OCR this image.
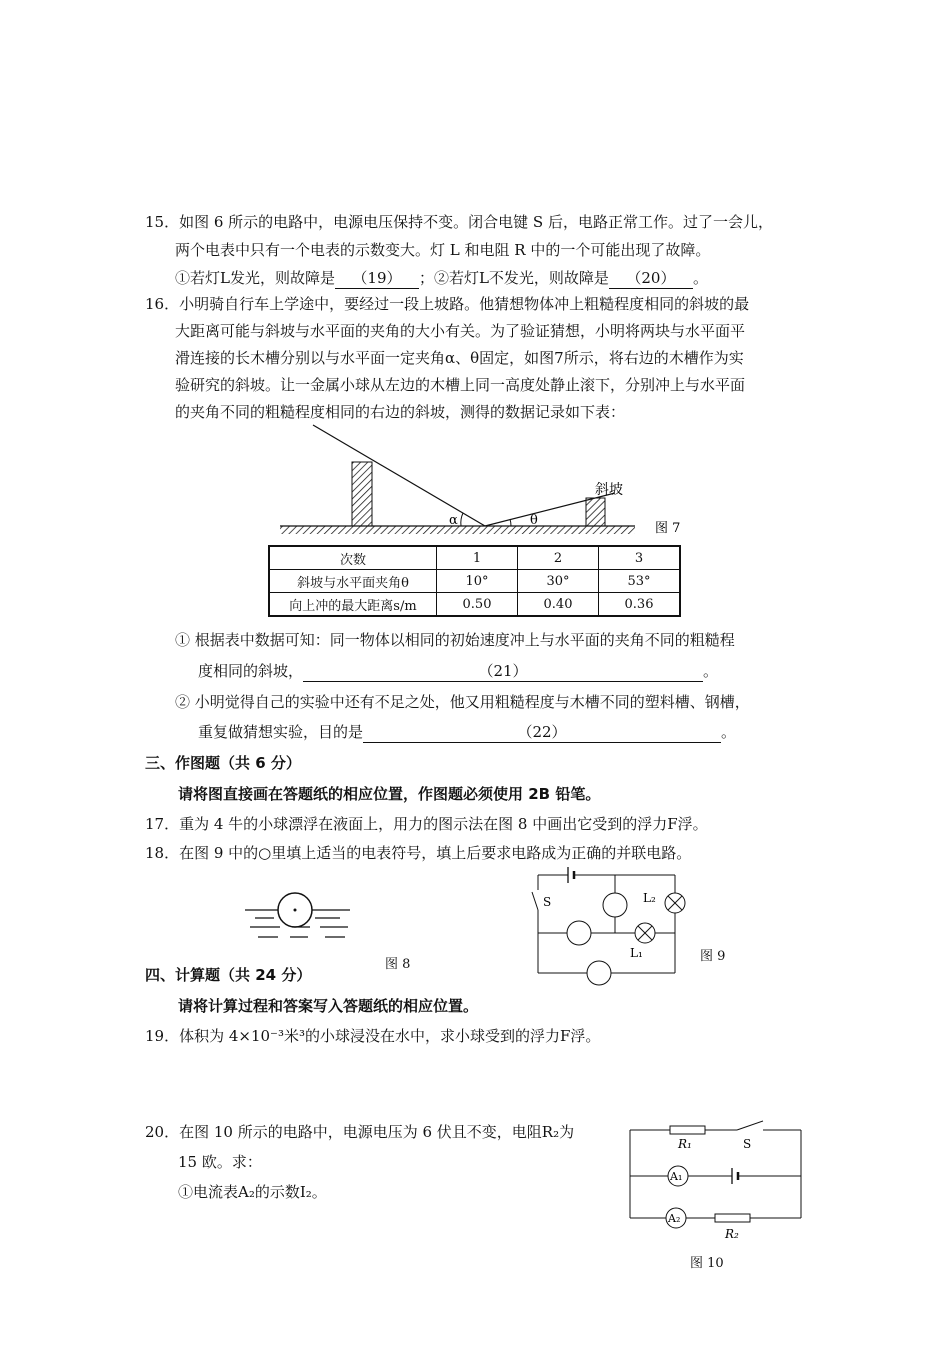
15．如图 6 所示的电路中，电源电压保持不变。闭合电键 S 后，电路正常工作。过了一会儿，
两个电表中只有一个电表的示数变大。灯 L 和电阻 R 中的一个可能出现了故障。
①若灯L发光，则故障是 （19） ；②若灯L不发光，则故障是 （20） 。
16．小明骑自行车上学途中，要经过一段上坡路。他猜想物体冲上粗糙程度相同的斜坡的最
大距离可能与斜坡与水平面的夹角的大小有关。为了验证猜想，小明将两块与水平面平
滑连接的长木槽分别以与水平面一定夹角α、θ固定，如图7所示，将右边的木槽作为实
验研究的斜坡。让一金属小球从左边的木槽上同一高度处静止滚下，分别冲上与水平面
的夹角不同的粗糙程度相同的右边的斜坡，测得的数据记录如下表：
α	θ
斜坡
图 7
次数	1	2	3
斜坡与水平面夹角θ	10°	30°	53°
向上冲的最大距离s/m	0.50	0.40	0.36
① 根据表中数据可知：同一物体以相同的初始速度冲上与水平面的夹角不同的粗糙程
度相同的斜坡，	（21）	。
② 小明觉得自己的实验中还有不足之处，他又用粗糙程度与木槽不同的塑料槽、钢槽，
重复做猜想实验，目的是	（22）	。
三、作图题（共 6 分）
请将图直接画在答题纸的相应位置，作图题必须使用 2B 铅笔。
17．重为 4 牛的小球漂浮在液面上，用力的图示法在图 8 中画出它受到的浮力F浮。
18．在图 9 中的○里填上适当的电表符号，填上后要求电路成为正确的并联电路。
图 8
S	L₂
L₁	图 9
四、计算题（共 24 分）
请将计算过程和答案写入答题纸的相应位置。
19．体积为 4×10⁻³米³的小球浸没在水中，求小球受到的浮力F浮。
20．在图 10 所示的电路中，电源电压为 6 伏且不变，电阻R₂为
15 欧。求：
①电流表A₂的示数I₂。
R₁	S
A₁
A₂
R₂
图 10
